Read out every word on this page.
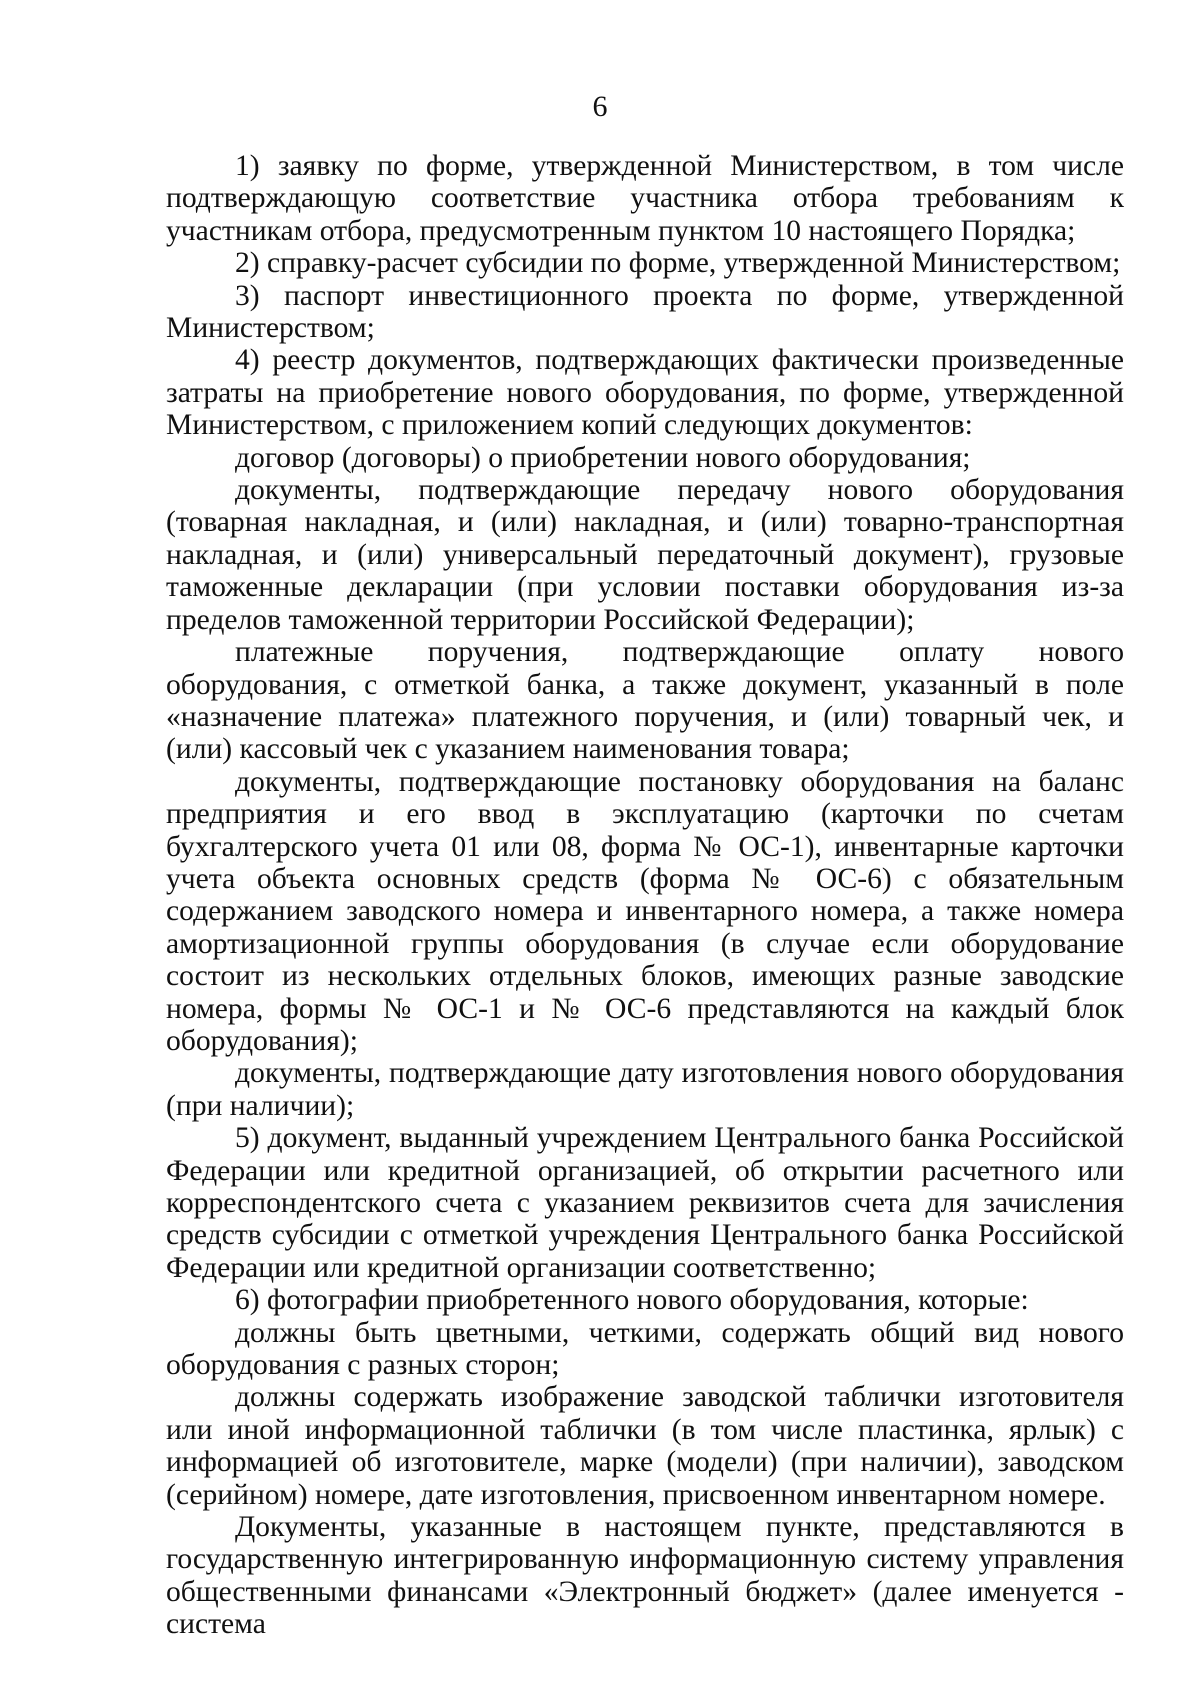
6

1) заявку по форме, утвержденной Министерством, в том числе подтверждающую соответствие участника отбора требованиям к участникам отбора, предусмотренным пунктом 10 настоящего Порядка;

2) справку-расчет субсидии по форме, утвержденной Министерством;

3) паспорт инвестиционного проекта по форме, утвержденной Министерством;

4) реестр документов, подтверждающих фактически произведенные затраты на приобретение нового оборудования, по форме, утвержденной Министерством, с приложением копий следующих документов:

договор (договоры) о приобретении нового оборудования;

документы, подтверждающие передачу нового оборудования (товарная накладная, и (или) накладная, и (или) товарно-транспортная накладная, и (или) универсальный передаточный документ), грузовые таможенные декларации (при условии поставки оборудования из-за пределов таможенной территории Российской Федерации);

платежные поручения, подтверждающие оплату нового оборудования, с отметкой банка, а также документ, указанный в поле «назначение платежа» платежного поручения, и (или) товарный чек, и (или) кассовый чек с указанием наименования товара;

документы, подтверждающие постановку оборудования на баланс предприятия и его ввод в эксплуатацию (карточки по счетам бухгалтерского учета 01 или 08, форма № ОС-1), инвентарные карточки учета объекта основных средств (форма № ОС-6) с обязательным содержанием заводского номера и инвентарного номера, а также номера амортизационной группы оборудования (в случае если оборудование состоит из нескольких отдельных блоков, имеющих разные заводские номера, формы № ОС-1 и № ОС-6 представляются на каждый блок оборудования);

документы, подтверждающие дату изготовления нового оборудования (при наличии);

5) документ, выданный учреждением Центрального банка Российской Федерации или кредитной организацией, об открытии расчетного или корреспондентского счета с указанием реквизитов счета для зачисления средств субсидии с отметкой учреждения Центрального банка Российской Федерации или кредитной организации соответственно;

6) фотографии приобретенного нового оборудования, которые:

должны быть цветными, четкими, содержать общий вид нового оборудования с разных сторон;

должны содержать изображение заводской таблички изготовителя или иной информационной таблички (в том числе пластинка, ярлык) с информацией об изготовителе, марке (модели) (при наличии), заводском (серийном) номере, дате изготовления, присвоенном инвентарном номере.

Документы, указанные в настоящем пункте, представляются в государственную интегрированную информационную систему управления общественными финансами «Электронный бюджет» (далее именуется - система
